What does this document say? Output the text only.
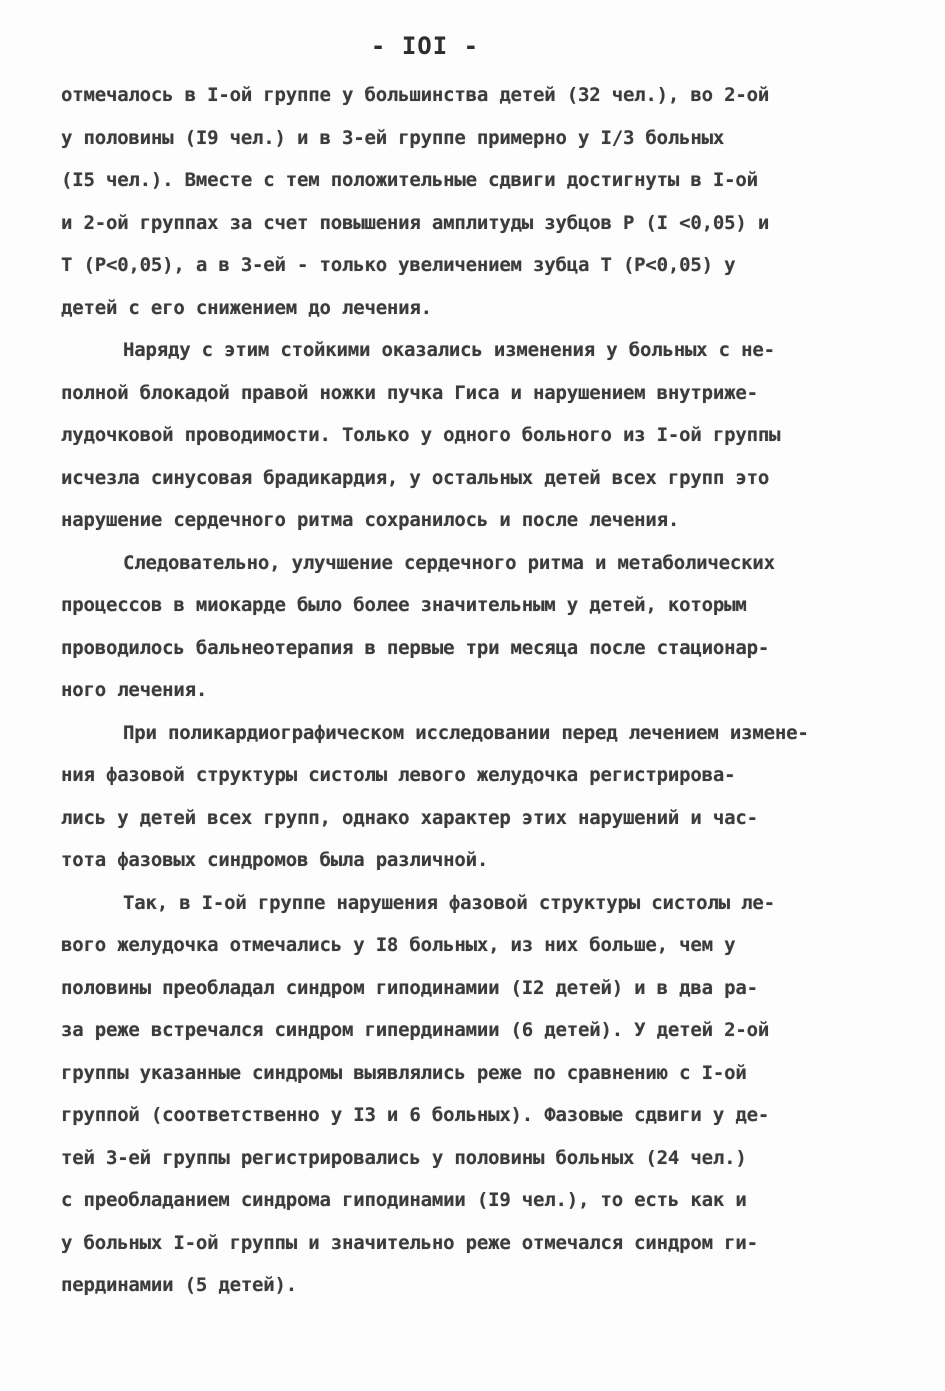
- IOI -
отмечалось в I-ой группе у большинства детей (32 чел.), во 2-ой
у половины (I9 чел.) и в 3-ей группе примерно у I/3 больных
(I5 чел.). Вместе с тем положительные сдвиги достигнуты в I-ой
и 2-ой группах за счет повышения амплитуды зубцов Р (I <0,05) и
Т (Р<0,05), а в 3-ей - только увеличением зубца Т (Р<0,05) у
детей с его снижением до лечения.
Наряду с этим стойкими оказались изменения у больных с не-
полной блокадой правой ножки пучка Гиса и нарушением внутриже-
лудочковой проводимости. Только у одного больного из I-ой группы
исчезла синусовая брадикардия, у остальных детей всех групп это
нарушение сердечного ритма сохранилось и после лечения.
Следовательно, улучшение сердечного ритма и метаболических
процессов в миокарде было более значительным у детей, которым
проводилось бальнеотерапия в первые три месяца после стационар-
ного лечения.
При поликардиографическом исследовании перед лечением измене-
ния фазовой структуры систолы левого желудочка регистрирова-
лись у детей всех групп, однако характер этих нарушений и час-
тота фазовых синдромов была различной.
Так, в I-ой группе нарушения фазовой структуры систолы ле-
вого желудочка отмечались у I8 больных, из них больше, чем у
половины преобладал синдром гиподинамии (I2 детей) и в два ра-
за реже встречался синдром гипердинамии (6 детей). У детей 2-ой
группы указанные синдромы выявлялись реже по сравнению с I-ой
группой (соответственно у I3 и 6 больных). Фазовые сдвиги у де-
тей 3-ей группы регистрировались у половины больных (24 чел.)
с преобладанием синдрома гиподинамии (I9 чел.), то есть как и
у больных I-ой группы и значительно реже отмечался синдром ги-
пердинамии (5 детей).
